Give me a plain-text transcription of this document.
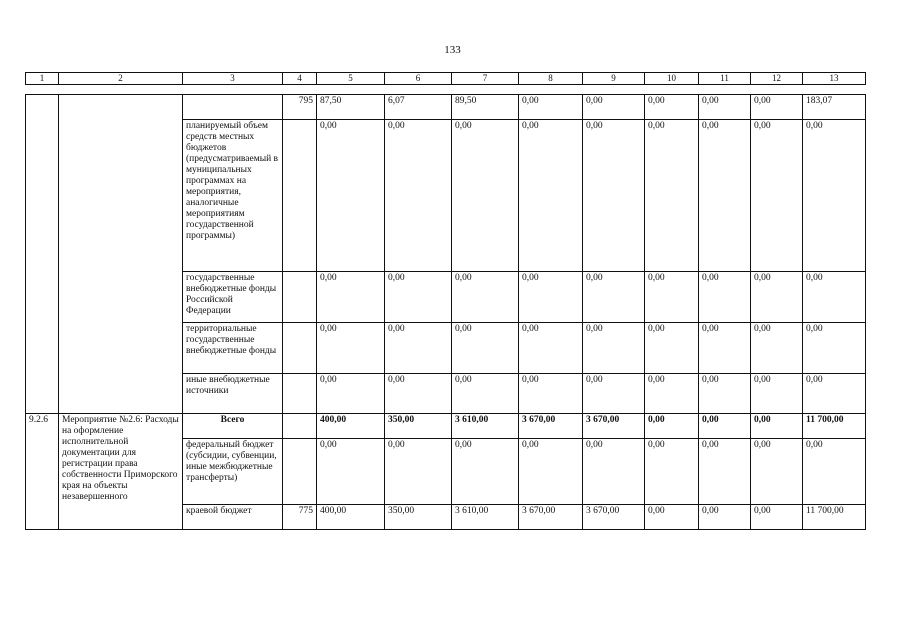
133
1	2	3	4	5	6	7	8	9	10	11	12	13
			795	87,50	6,07	89,50	0,00	0,00	0,00	0,00	0,00	183,07
		планируемый объем средств местных бюджетов (предусматриваемый в муниципальных программах на мероприятия, аналогичные мероприятиям государственной программы)		0,00	0,00	0,00	0,00	0,00	0,00	0,00	0,00	0,00
		государственные внебюджетные фонды Российской Федерации		0,00	0,00	0,00	0,00	0,00	0,00	0,00	0,00	0,00
		территориальные государственные внебюджетные фонды		0,00	0,00	0,00	0,00	0,00	0,00	0,00	0,00	0,00
		иные внебюджетные источники		0,00	0,00	0,00	0,00	0,00	0,00	0,00	0,00	0,00
9.2.6	Мероприятие №2.6: Расходы на оформление исполнительной документации для регистрации права собственности Приморского края на объекты незавершенного	Всего		400,00	350,00	3 610,00	3 670,00	3 670,00	0,00	0,00	0,00	11 700,00
		федеральный бюджет (субсидии, субвенции, иные межбюджетные трансферты)		0,00	0,00	0,00	0,00	0,00	0,00	0,00	0,00	0,00
		краевой бюджет	775	400,00	350,00	3 610,00	3 670,00	3 670,00	0,00	0,00	0,00	11 700,00
